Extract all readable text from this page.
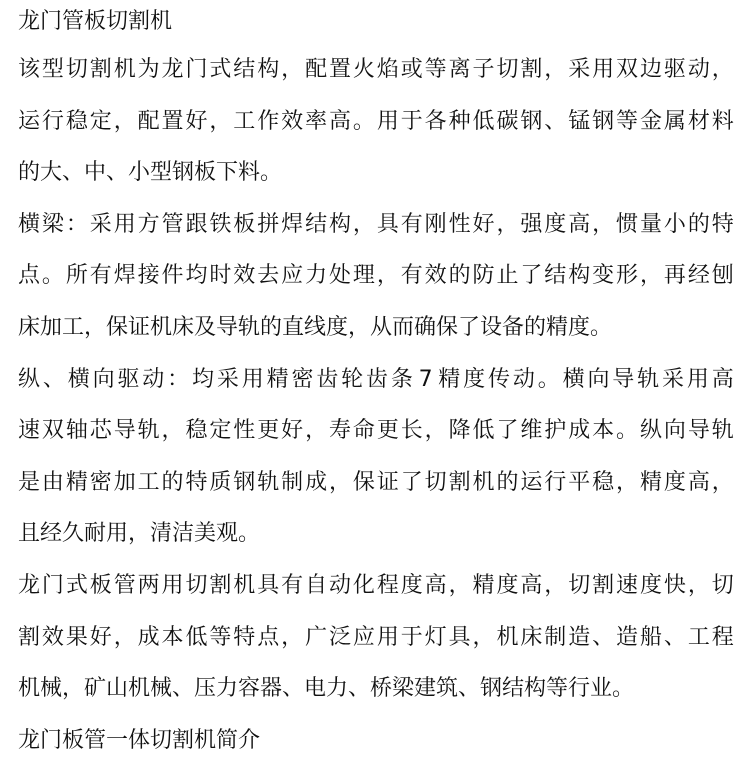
龙门管板切割机
该 型 切 割 机 为 龙 门 式 结 构 ， 配 置 火 焰 或 等 离 子 切 割 ， 采 用 双 边 驱 动 ，
运 行 稳 定 ， 配 置 好 ， 工 作 效 率 高 。 用 于 各 种 低 碳 钢 、 锰 钢 等 金 属 材 料
的大、中、小型钢板下料。
横 梁 ： 采 用 方 管 跟 铁 板 拼 焊 结 构 ， 具 有 刚 性 好 ， 强 度 高 ， 惯 量 小 的 特
点 。 所 有 焊 接 件 均 时 效 去 应 力 处 理 ， 有 效 的 防 止 了 结 构 变 形 ， 再 经 刨
床加工，保证机床及导轨的直线度，从而确保了设备的精度。
纵 、 横 向 驱 动 ： 均 采 用 精 密 齿 轮 齿 条 7 精 度 传 动 。 横 向 导 轨 采 用 高
速 双 轴 芯 导 轨 ， 稳 定 性 更 好 ， 寿 命 更 长 ， 降 低 了 维 护 成 本 。 纵 向 导 轨
是 由 精 密 加 工 的 特 质 钢 轨 制 成 ， 保 证 了 切 割 机 的 运 行 平 稳 ， 精 度 高 ，
且经久耐用，清洁美观。
龙 门 式 板 管 两 用 切 割 机 具 有 自 动 化 程 度 高 ， 精 度 高 ， 切 割 速 度 快 ， 切
割 效 果 好 ， 成 本 低 等 特 点 ， 广 泛 应 用 于 灯 具 ， 机 床 制 造 、 造 船 、 工 程
机械，矿山机械、压力容器、电力、桥梁建筑、钢结构等行业。
龙门板管一体切割机简介
